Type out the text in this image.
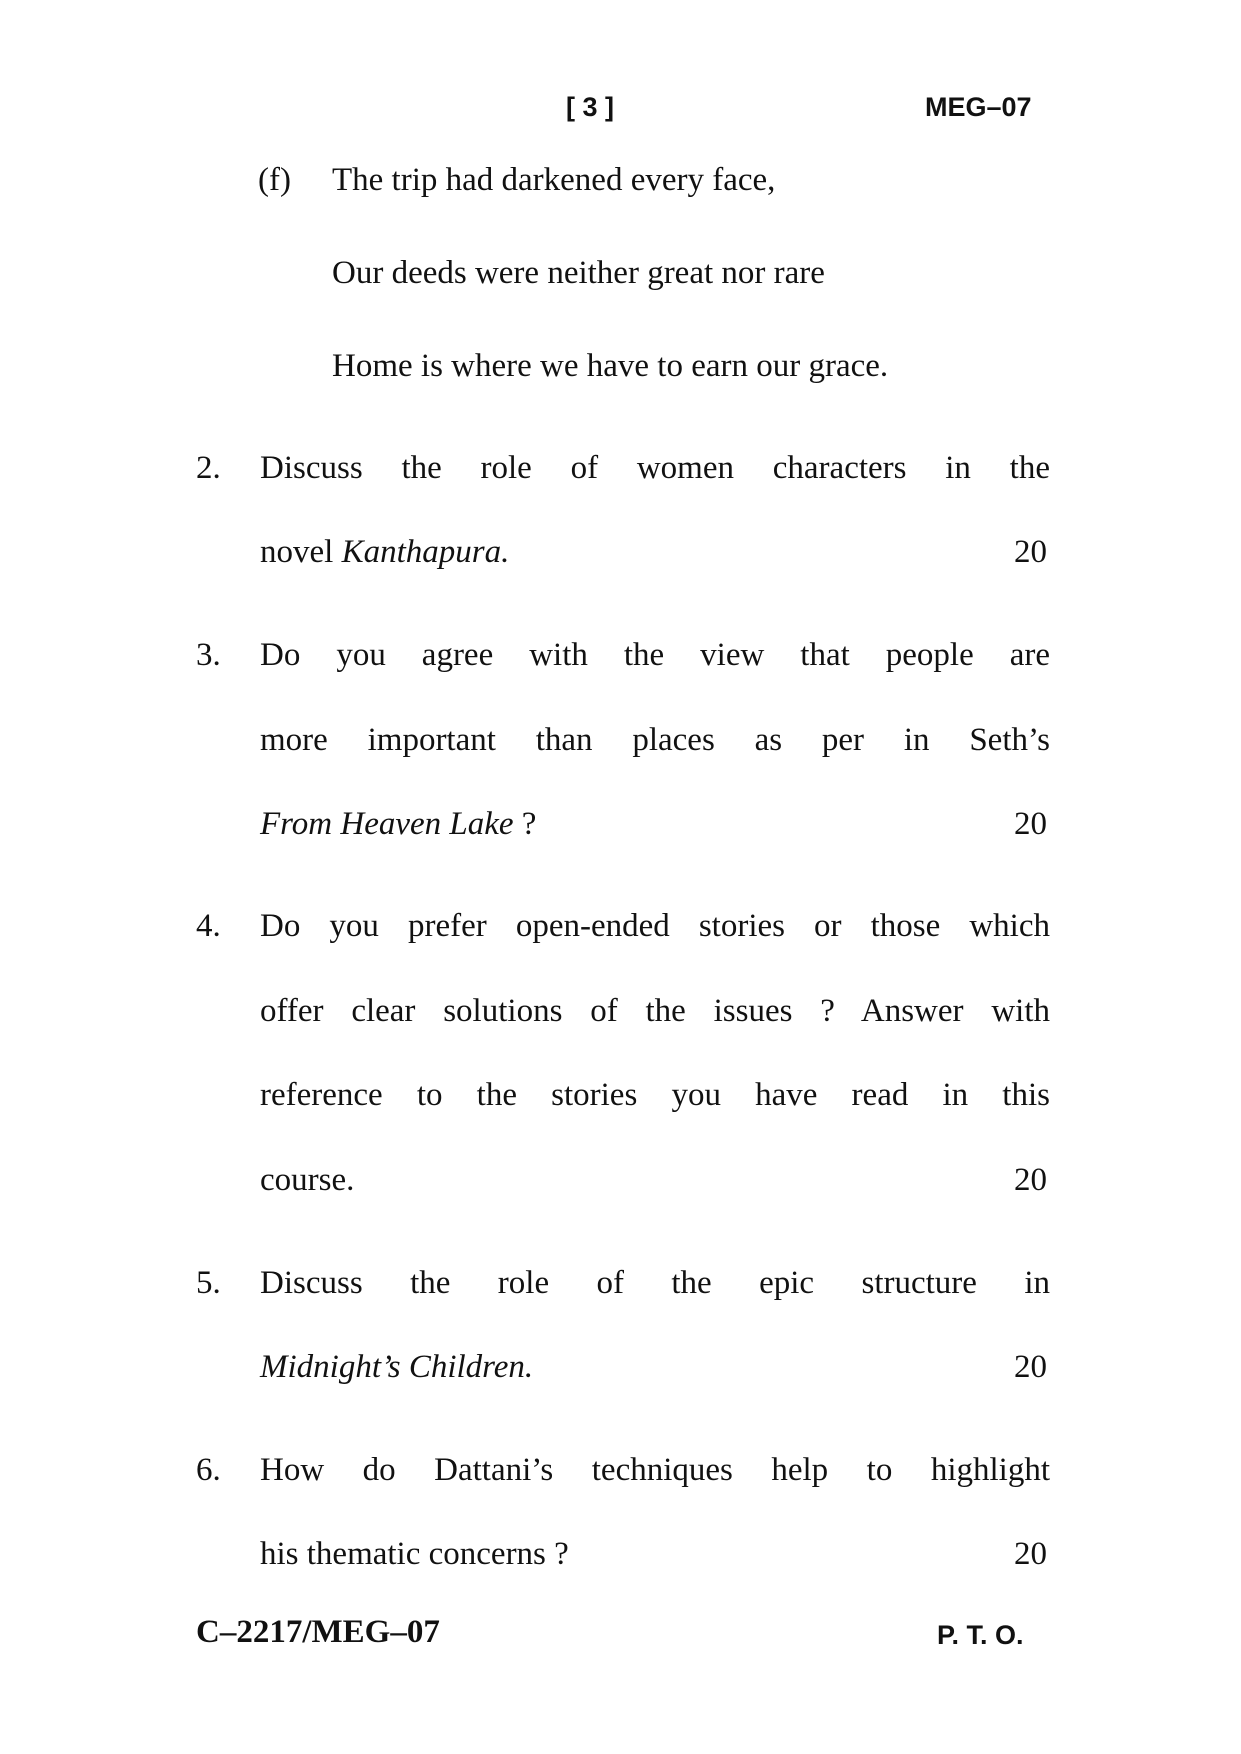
[ 3 ]	MEG–07
(f) The trip had darkened every face,
Our deeds were neither great nor rare
Home is where we have to earn our grace.
2. Discuss the role of women characters in the
novel Kanthapura.	20
3. Do you agree with the view that people are
more important than places as per in Seth’s
From Heaven Lake ?	20
4. Do you prefer open-ended stories or those which
offer clear solutions of the issues ? Answer with
reference to the stories you have read in this
course.	20
5. Discuss the role of the epic structure in
Midnight’s Children.	20
6. How do Dattani’s techniques help to highlight
his thematic concerns ?	20
C–2217/MEG–07	P. T. O.
